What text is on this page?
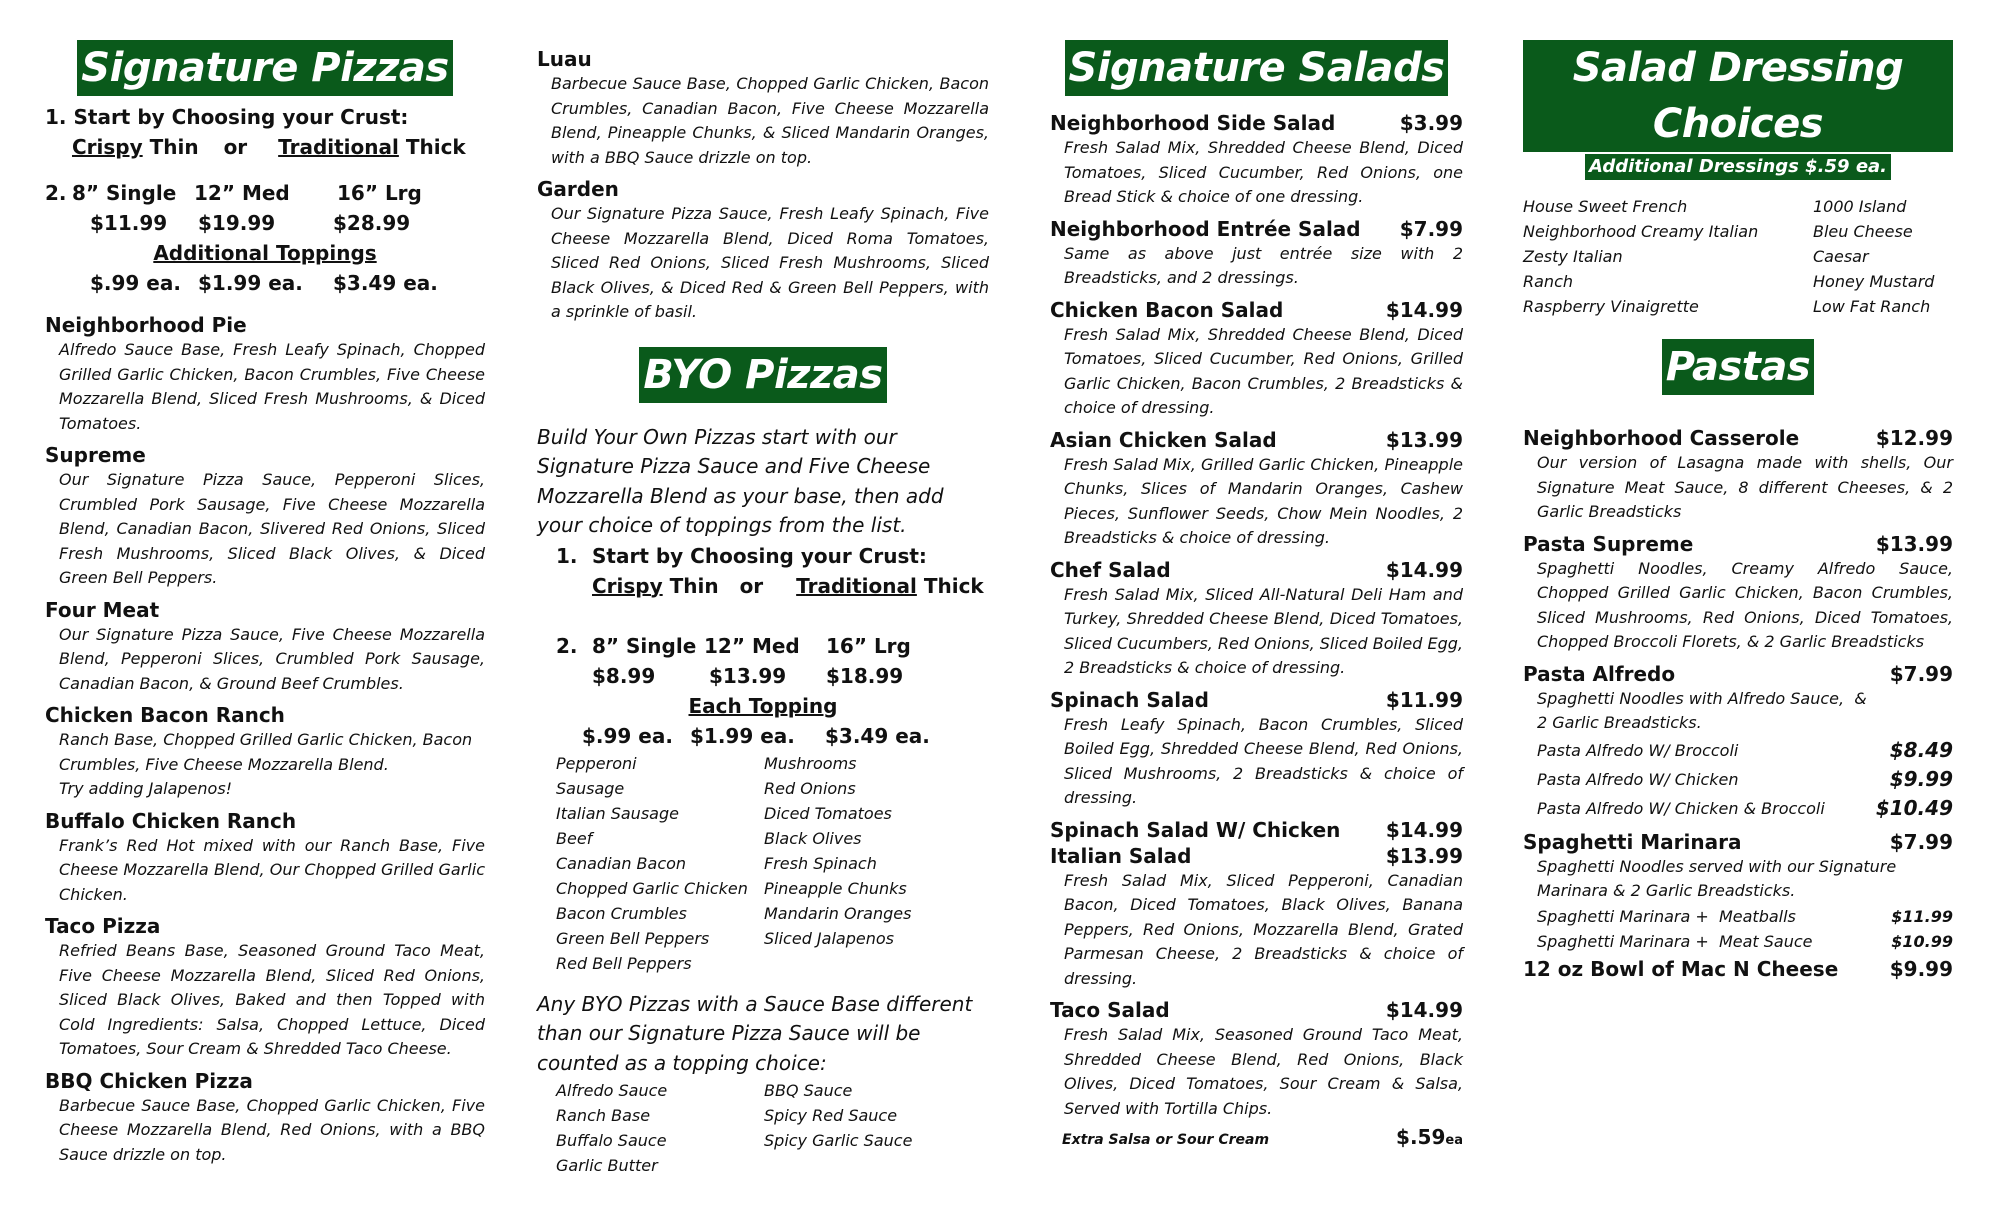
Signature Pizzas
1. Start by Choosing your Crust:
Crispy Thin or Traditional Thick
2. 8” Single 12” Med 16” Lrg
$11.99 $19.99	$28.99
Additional Toppings
$.99 ea. $1.99 ea. $3.49 ea.
Neighborhood Pie
Alfredo Sauce Base, Fresh Leafy Spinach, Chopped Grilled Garlic Chicken, Bacon Crumbles, Five Cheese Mozzarella Blend, Sliced Fresh Mushrooms, & Diced Tomatoes.
Supreme
Our Signature Pizza Sauce, Pepperoni Slices, Crumbled Pork Sausage, Five Cheese Mozzarella Blend, Canadian Bacon, Slivered Red Onions, Sliced Fresh Mushrooms, Sliced Black Olives, & Diced Green Bell Peppers.
Four Meat
Our Signature Pizza Sauce, Five Cheese Mozzarella Blend, Pepperoni Slices, Crumbled Pork Sausage, Canadian Bacon, & Ground Beef Crumbles.
Chicken Bacon Ranch
Ranch Base, Chopped Grilled Garlic Chicken, Bacon Crumbles, Five Cheese Mozzarella Blend.
Try adding Jalapenos!
Buffalo Chicken Ranch
Frank’s Red Hot mixed with our Ranch Base, Five Cheese Mozzarella Blend, Our Chopped Grilled Garlic Chicken.
Taco Pizza
Refried Beans Base, Seasoned Ground Taco Meat, Five Cheese Mozzarella Blend, Sliced Red Onions, Sliced Black Olives, Baked and then Topped with Cold Ingredients: Salsa, Chopped Lettuce, Diced Tomatoes, Sour Cream & Shredded Taco Cheese.
BBQ Chicken Pizza
Barbecue Sauce Base, Chopped Garlic Chicken, Five Cheese Mozzarella Blend, Red Onions, with a BBQ Sauce drizzle on top.
Luau
Barbecue Sauce Base, Chopped Garlic Chicken, Bacon Crumbles, Canadian Bacon, Five Cheese Mozzarella Blend, Pineapple Chunks, & Sliced Mandarin Oranges, with a BBQ Sauce drizzle on top.
Garden
Our Signature Pizza Sauce, Fresh Leafy Spinach, Five Cheese Mozzarella Blend, Diced Roma Tomatoes, Sliced Red Onions, Sliced Fresh Mushrooms, Sliced Black Olives, & Diced Red & Green Bell Peppers, with a sprinkle of basil.
BYO Pizzas
Build Your Own Pizzas start with our Signature Pizza Sauce and Five Cheese Mozzarella Blend as your base, then add your choice of toppings from the list.
1. Start by Choosing your Crust:
Crispy Thin or Traditional Thick
2. 8” Single 12” Med 16” Lrg
$8.99	$13.99 $18.99
Each Topping
$.99 ea. $1.99 ea. $3.49 ea.
Pepperoni	Mushrooms
Sausage	Red Onions
Italian Sausage	Diced Tomatoes
Beef	Black Olives
Canadian Bacon	Fresh Spinach
Chopped Garlic Chicken	Pineapple Chunks
Bacon Crumbles	Mandarin Oranges
Green Bell Peppers	Sliced Jalapenos
Red Bell Peppers
Any BYO Pizzas with a Sauce Base different than our Signature Pizza Sauce will be counted as a topping choice:
Alfredo Sauce	BBQ Sauce
Ranch Base	Spicy Red Sauce
Buffalo Sauce	Spicy Garlic Sauce
Garlic Butter
Signature Salads
Neighborhood Side Salad	$3.99
Fresh Salad Mix, Shredded Cheese Blend, Diced Tomatoes, Sliced Cucumber, Red Onions, one Bread Stick & choice of one dressing.
Neighborhood Entrée Salad $7.99
Same as above just entrée size with 2 Breadsticks, and 2 dressings.
Chicken Bacon Salad	$14.99
Fresh Salad Mix, Shredded Cheese Blend, Diced Tomatoes, Sliced Cucumber, Red Onions, Grilled Garlic Chicken, Bacon Crumbles, 2 Breadsticks & choice of dressing.
Asian Chicken Salad	$13.99
Fresh Salad Mix, Grilled Garlic Chicken, Pineapple Chunks, Slices of Mandarin Oranges, Cashew Pieces, Sunflower Seeds, Chow Mein Noodles, 2 Breadsticks & choice of dressing.
Chef Salad	$14.99
Fresh Salad Mix, Sliced All-Natural Deli Ham and Turkey, Shredded Cheese Blend, Diced Tomatoes, Sliced Cucumbers, Red Onions, Sliced Boiled Egg, 2 Breadsticks & choice of dressing.
Spinach Salad	$11.99
Fresh Leafy Spinach, Bacon Crumbles, Sliced Boiled Egg, Shredded Cheese Blend, Red Onions, Sliced Mushrooms, 2 Breadsticks & choice of dressing.
Spinach Salad W/ Chicken $14.99
Italian Salad	$13.99
Fresh Salad Mix, Sliced Pepperoni, Canadian Bacon, Diced Tomatoes, Black Olives, Banana Peppers, Red Onions, Mozzarella Blend, Grated Parmesan Cheese, 2 Breadsticks & choice of dressing.
Taco Salad	$14.99
Fresh Salad Mix, Seasoned Ground Taco Meat, Shredded Cheese Blend, Red Onions, Black Olives, Diced Tomatoes, Sour Cream & Salsa, Served with Tortilla Chips.
Extra Salsa or Sour Cream	$.59ea
Salad Dressing Choices
Additional Dressings $.59 ea.
House Sweet French	1000 Island
Neighborhood Creamy Italian	Bleu Cheese
Zesty Italian	Caesar
Ranch	Honey Mustard
Raspberry Vinaigrette	Low Fat Ranch
Pastas
Neighborhood Casserole	$12.99
Our version of Lasagna made with shells, Our Signature Meat Sauce, 8 different Cheeses, & 2 Garlic Breadsticks
Pasta Supreme	$13.99
Spaghetti Noodles, Creamy Alfredo Sauce, Chopped Grilled Garlic Chicken, Bacon Crumbles, Sliced Mushrooms, Red Onions, Diced Tomatoes, Chopped Broccoli Florets, & 2 Garlic Breadsticks
Pasta Alfredo	$7.99
Spaghetti Noodles with Alfredo Sauce,  & 2 Garlic Breadsticks.
Pasta Alfredo W/ Broccoli	$8.49
Pasta Alfredo W/ Chicken	$9.99
Pasta Alfredo W/ Chicken & Broccoli	$10.49
Spaghetti Marinara	$7.99
Spaghetti Noodles served with our Signature Marinara & 2 Garlic Breadsticks.
Spaghetti Marinara +  Meatballs	$11.99
Spaghetti Marinara +  Meat Sauce	$10.99
12 oz Bowl of Mac N Cheese	$9.99
